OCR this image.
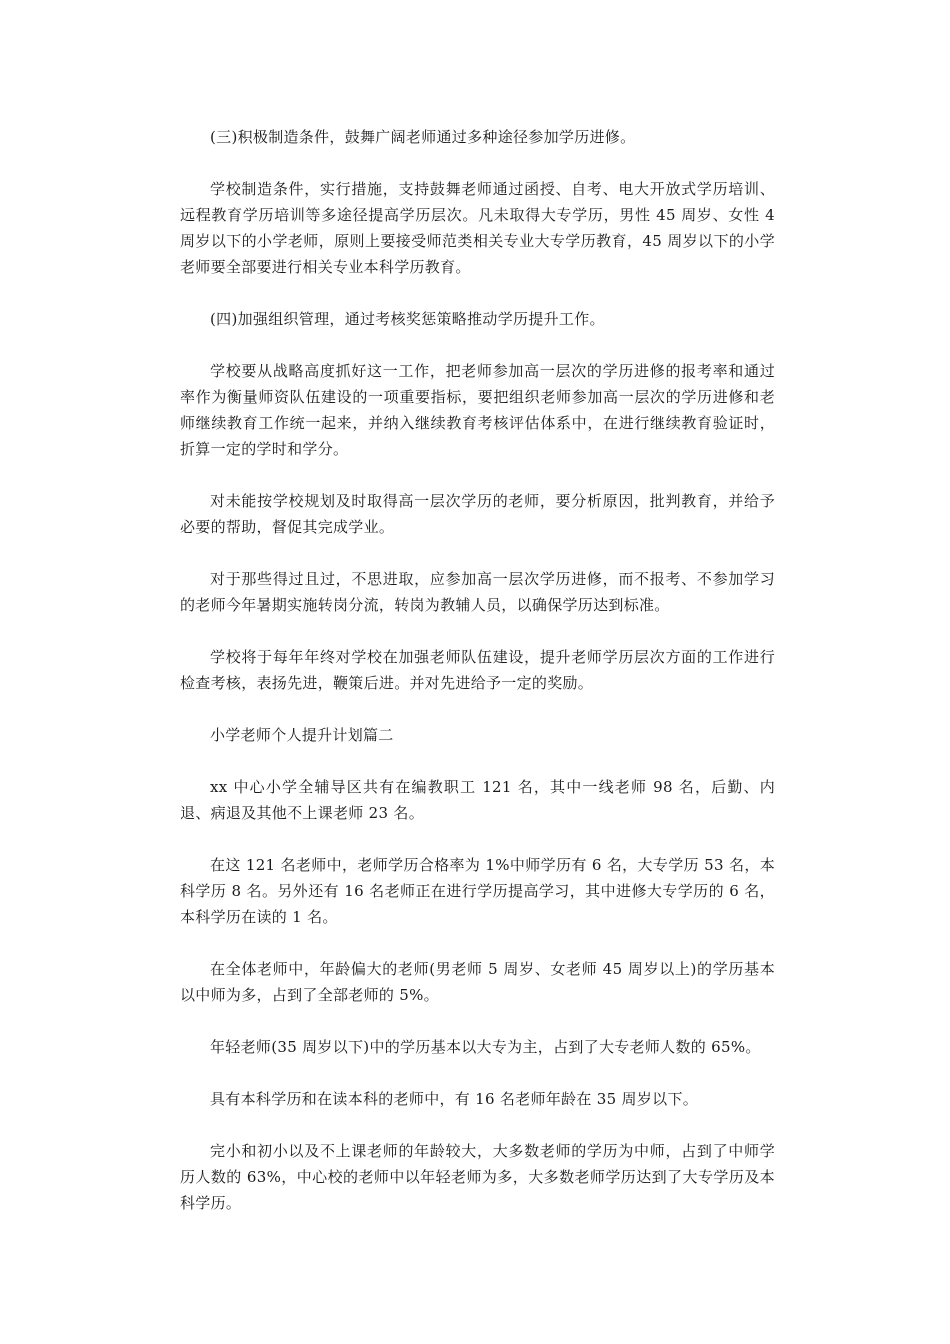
(三)积极制造条件，鼓舞广阔老师通过多种途径参加学历进修。

学校制造条件，实行措施，支持鼓舞老师通过函授、自考、电大开放式学历培训、远程教育学历培训等多途径提高学历层次。凡未取得大专学历，男性 45 周岁、女性 4 周岁以下的小学老师，原则上要接受师范类相关专业大专学历教育，45 周岁以下的小学老师要全部要进行相关专业本科学历教育。

(四)加强组织管理，通过考核奖惩策略推动学历提升工作。

学校要从战略高度抓好这一工作，把老师参加高一层次的学历进修的报考率和通过率作为衡量师资队伍建设的一项重要指标，要把组织老师参加高一层次的学历进修和老师继续教育工作统一起来，并纳入继续教育考核评估体系中，在进行继续教育验证时，折算一定的学时和学分。

对未能按学校规划及时取得高一层次学历的老师，要分析原因，批判教育，并给予必要的帮助，督促其完成学业。

对于那些得过且过，不思进取，应参加高一层次学历进修，而不报考、不参加学习的老师今年暑期实施转岗分流，转岗为教辅人员，以确保学历达到标准。

学校将于每年年终对学校在加强老师队伍建设，提升老师学历层次方面的工作进行检查考核，表扬先进，鞭策后进。并对先进给予一定的奖励。

小学老师个人提升计划篇二

xx 中心小学全辅导区共有在编教职工 121 名，其中一线老师 98 名，后勤、内退、病退及其他不上课老师 23 名。

在这 121 名老师中，老师学历合格率为 1%中师学历有 6 名，大专学历 53 名，本科学历 8 名。另外还有 16 名老师正在进行学历提高学习，其中进修大专学历的 6 名，本科学历在读的 1 名。

在全体老师中，年龄偏大的老师(男老师 5 周岁、女老师 45 周岁以上)的学历基本以中师为多，占到了全部老师的 5%。

年轻老师(35 周岁以下)中的学历基本以大专为主，占到了大专老师人数的 65%。

具有本科学历和在读本科的老师中，有 16 名老师年龄在 35 周岁以下。

完小和初小以及不上课老师的年龄较大，大多数老师的学历为中师，占到了中师学历人数的 63%，中心校的老师中以年轻老师为多，大多数老师学历达到了大专学历及本科学历。
